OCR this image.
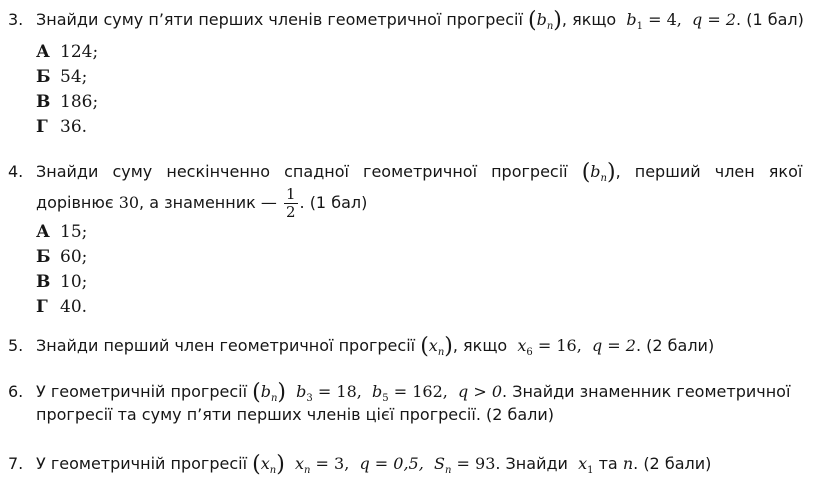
3. Знайди суму п’яти перших членів геометричної прогресії $(b_n)$, якщо $b_1 = 4$, q = 2. (1 бал)
А 124;
Б 54;
В 186;
Г 36.
4. Знайди суму нескінченно спадної геометричної прогресії $(b_n)$, перший член якої
дорівнює 30, а знаменник — $\frac{1}{2}$ . (1 бал)
А 15;
Б 60;
В 10;
Г 40.
5. Знайди перший член геометричної прогресії $(x_n)$, якщо $x_6 = 16$, q = 2. (2 бали)
6. У геометричній прогресії $(b_n) b_3 = 18$, $b_5 = 162$, q > 0. Знайди знаменник геометричної
прогресії та суму п’яти перших членів цієї прогресії. (2 бали)
7. У геометричній прогресії $(x_n) x_n = 3$, q = 0,5, $S_n = 93$. Знайди $x_1$ та n. (2 бали)
